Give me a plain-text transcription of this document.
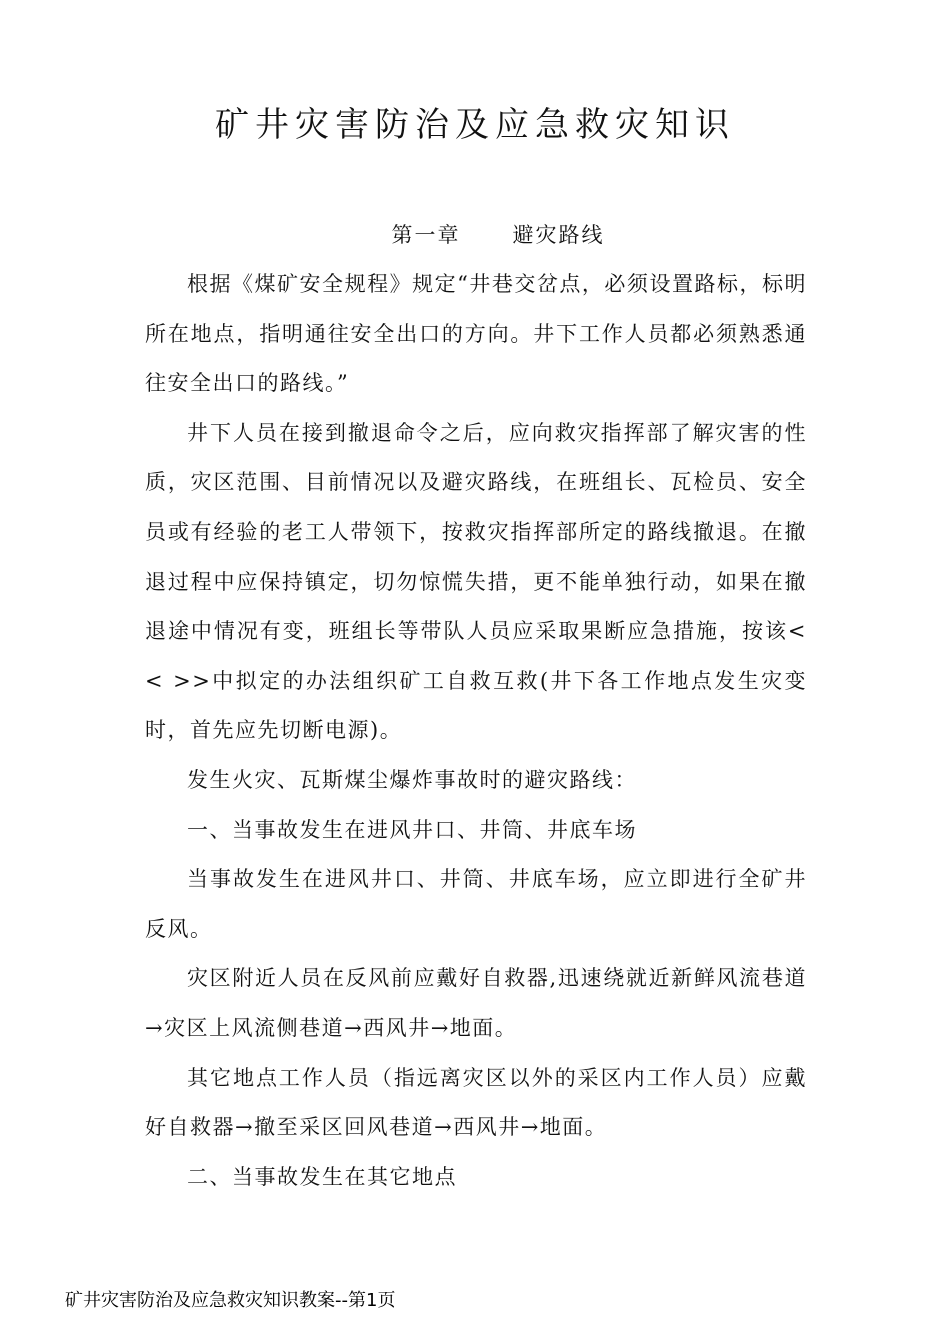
矿井灾害防治及应急救灾知识
第一章      避灾路线

根据《煤矿安全规程》规定“井巷交岔点，必须设置路标，标明所在地点，指明通往安全出口的方向。井下工作人员都必须熟悉通往安全出口的路线。”

井下人员在接到撤退命令之后，应向救灾指挥部了解灾害的性质，灾区范围、目前情况以及避灾路线，在班组长、瓦检员、安全员或有经验的老工人带领下，按救灾指挥部所定的路线撤退。在撤退过程中应保持镇定，切勿惊慌失措，更不能单独行动，如果在撤退途中情况有变，班组长等带队人员应采取果断应急措施，按该<< >>中拟定的办法组织矿工自救互救(井下各工作地点发生灾变时，首先应先切断电源)。

发生火灾、瓦斯煤尘爆炸事故时的避灾路线：

一、当事故发生在进风井口、井筒、井底车场

当事故发生在进风井口、井筒、井底车场，应立即进行全矿井反风。

灾区附近人员在反风前应戴好自救器,迅速绕就近新鲜风流巷道→灾区上风流侧巷道→西风井→地面。

其它地点工作人员（指远离灾区以外的采区内工作人员）应戴好自救器→撤至采区回风巷道→西风井→地面。

二、当事故发生在其它地点

矿井灾害防治及应急救灾知识教案--第1页
